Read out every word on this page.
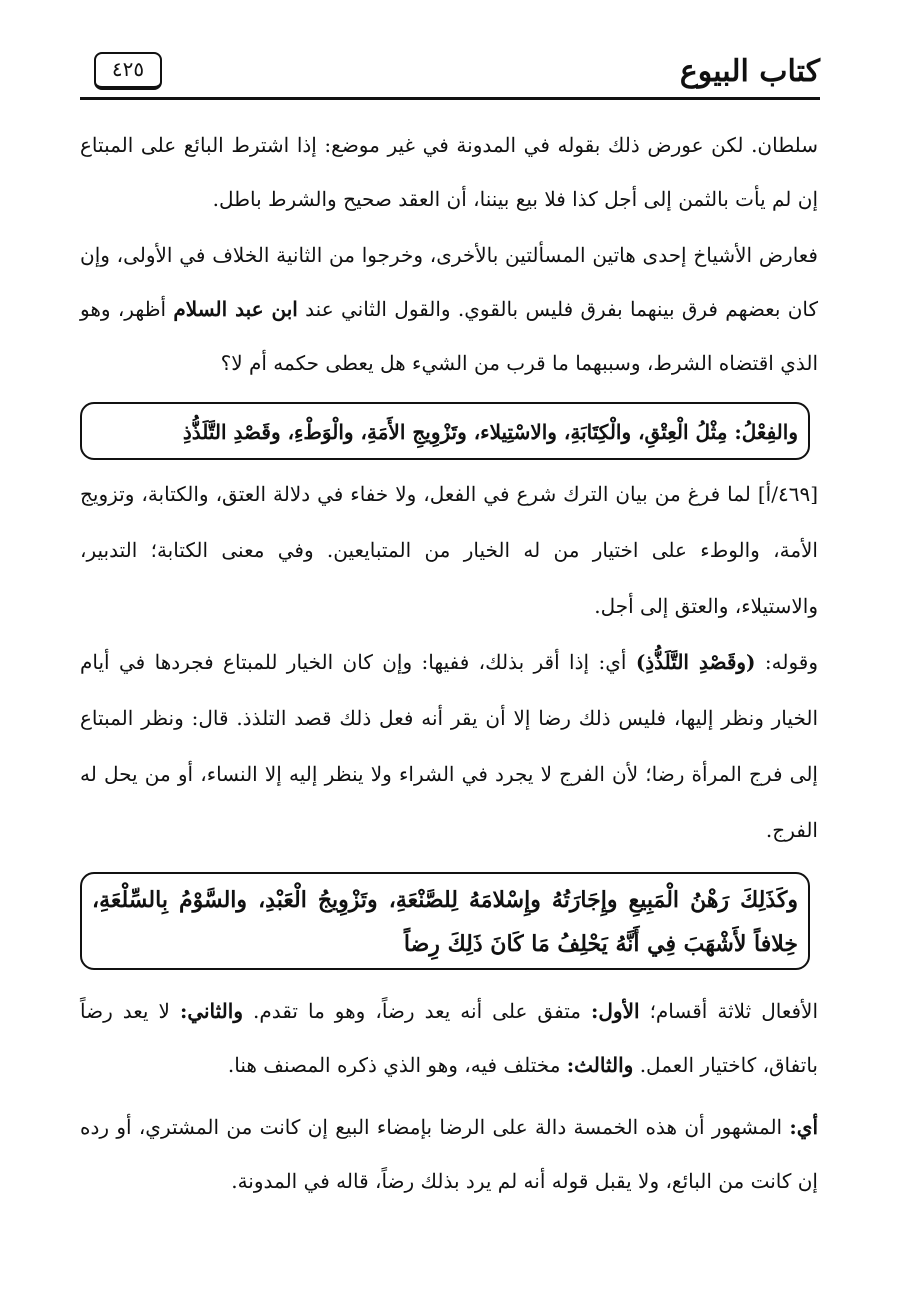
كتاب البيوع
٤٢٥
سلطان. لكن عورض ذلك بقوله في المدونة في غير موضع: إذا اشترط البائع على المبتاع إن لم يأت بالثمن إلى أجل كذا فلا بيع بيننا، أن العقد صحيح والشرط باطل.
فعارض الأشياخ إحدى هاتين المسألتين بالأخرى، وخرجوا من الثانية الخلاف في الأولى، وإن كان بعضهم فرق بينهما بفرق فليس بالقوي. والقول الثاني عند ابن عبد السلام أظهر، وهو الذي اقتضاه الشرط، وسببهما ما قرب من الشيء هل يعطى حكمه أم لا؟
والفِعْلُ: مِثْلُ الْعِتْقِ، والْكِتَابَةِ، والاسْتِيلاء، وتَزْوِيجِ الأَمَةِ، والْوَطْءِ، وقَصْدِ التَّلَذُّذِ
[٤٦٩/أ] لما فرغ من بيان الترك شرع في الفعل، ولا خفاء في دلالة العتق، والكتابة، وتزويج الأمة، والوطء على اختيار من له الخيار من المتبايعين. وفي معنى الكتابة؛ التدبير، والاستيلاء، والعتق إلى أجل.
وقوله: (وقَصْدِ التَّلَذُّذِ) أي: إذا أقر بذلك، ففيها: وإن كان الخيار للمبتاع فجردها في أيام الخيار ونظر إليها، فليس ذلك رضا إلا أن يقر أنه فعل ذلك قصد التلذذ. قال: ونظر المبتاع إلى فرج المرأة رضا؛ لأن الفرج لا يجرد في الشراء ولا ينظر إليه إلا النساء، أو من يحل له الفرج.
وكَذَلِكَ رَهْنُ الْمَبِيعِ وإِجَارَتُهُ وإِسْلامَهُ لِلصَّنْعَةِ، وتَزْوِيجُ الْعَبْدِ، والسَّوْمُ بِالسِّلْعَةِ، خِلافاً لأَشْهَبَ فِي أَنَّهُ يَحْلِفُ مَا كَانَ ذَلِكَ رِضاً
الأفعال ثلاثة أقسام؛ الأول: متفق على أنه يعد رضاً، وهو ما تقدم. والثاني: لا يعد رضاً باتفاق، كاختيار العمل. والثالث: مختلف فيه، وهو الذي ذكره المصنف هنا.
أي: المشهور أن هذه الخمسة دالة على الرضا بإمضاء البيع إن كانت من المشتري، أو رده إن كانت من البائع، ولا يقبل قوله أنه لم يرد بذلك رضاً، قاله في المدونة.
